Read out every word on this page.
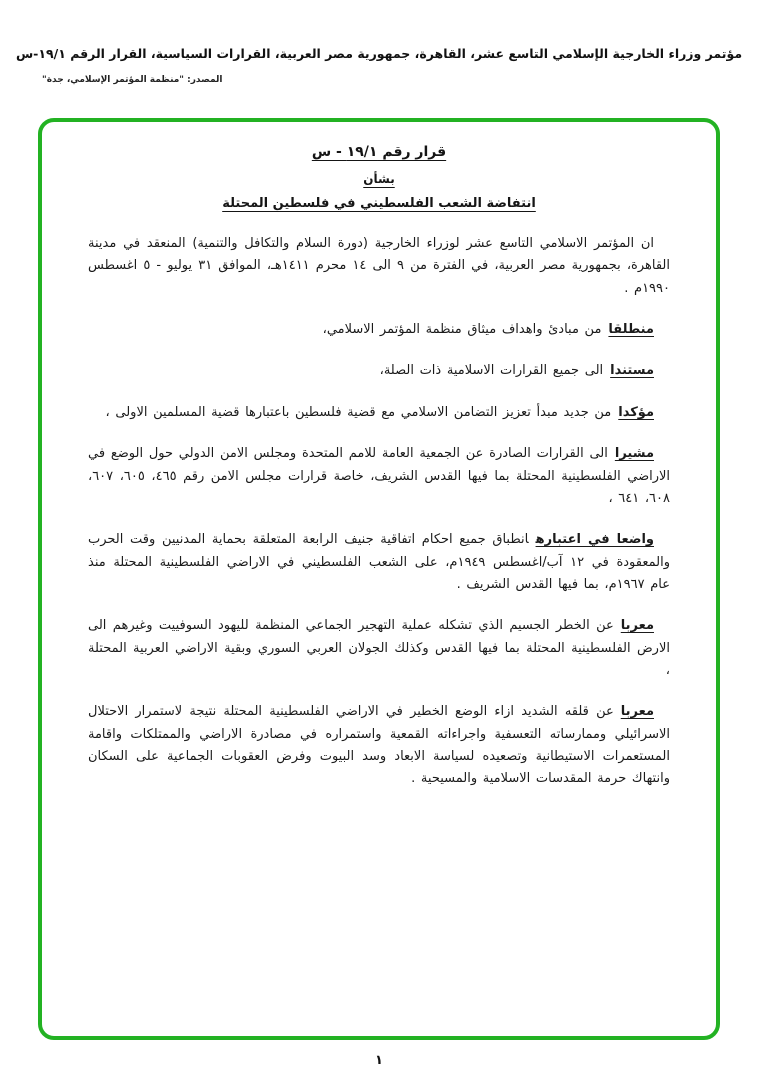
مؤتمر وزراء الخارجية الإسلامي التاسع عشر، القاهرة، جمهورية مصر العربية، القرارات السياسية، القرار الرقم ١٩/١-س
المصدر: "منظمة المؤتمر الإسلامي، جدة"
قرار رقم ١٩/١ - س
بشأن
انتفاضة الشعب الفلسطيني في فلسطين المحتلة

ان المؤتمر الاسلامي التاسع عشر لوزراء الخارجية (دورة السلام والتكافل والتنمية) المنعقد في مدينة القاهرة، بجمهورية مصر العربية، في الفترة من ٩ الى ١٤ محرم ١٤١١هـ، الموافق ٣١ يوليو - ٥ اغسطس ١٩٩٠م .

منطلقامن مبادئ واهداف ميثاق منظمة المؤتمر الاسلامي،

مستنداالى جميع القرارات الاسلامية ذات الصلة،

مؤكدامن جديد مبدأ تعزيز التضامن الاسلامي مع قضية فلسطين باعتبارها قضية المسلمين الاولى ،

مشيراالى القرارات الصادرة عن الجمعية العامة للامم المتحدة ومجلس الامن الدولي حول الوضع في الاراضي الفلسطينية المحتلة بما فيها القدس الشريف، خاصة قرارات مجلس الامن رقم ٤٦٥، ٦٠٥، ٦٠٧، ٦٠٨، ٦٤١ ،

واضعا في اعتبارهانطباق جميع احكام اتفاقية جنيف الرابعة المتعلقة بحماية المدنيين وقت الحرب والمعقودة في ١٢ آب/اغسطس ١٩٤٩م، على الشعب الفلسطيني في الاراضي الفلسطينية المحتلة منذ عام ١٩٦٧م، بما فيها القدس الشريف .

معرباعن الخطر الجسيم الذي تشكله عملية التهجير الجماعي المنظمة لليهود السوفييت وغيرهم الى الارض الفلسطينية المحتلة بما فيها القدس وكذلك الجولان العربي السوري وبقية الاراضي العربية المحتلة ،

معرباعن قلقه الشديد ازاء الوضع الخطير في الاراضي الفلسطينية المحتلة نتيجة لاستمرار الاحتلال الاسرائيلي وممارساته التعسفية واجراءاته القمعية واستمراره في مصادرة الاراضي والممتلكات واقامة المستعمرات الاستيطانية وتصعيده لسياسة الابعاد وسد البيوت وفرض العقوبات الجماعية على السكان وانتهاك حرمة المقدسات الاسلامية والمسيحية .

١
